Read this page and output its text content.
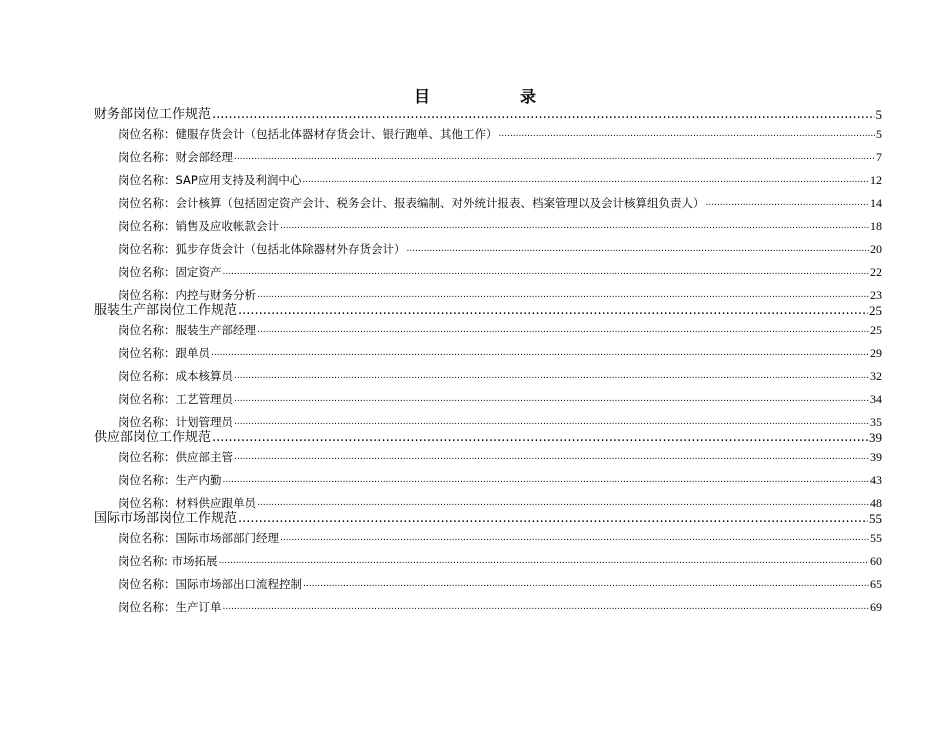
目	录
财务部岗位工作规范 .....	5
岗位名称：健服存货会计（包括北体器材存货会计、银行跑单、其他工作） .....	5
岗位名称：财会部经理 .....	7
岗位名称：SAP应用支持及利润中心 .....	12
岗位名称：会计核算（包括固定资产会计、税务会计、报表编制、对外统计报表、档案管理以及会计核算组负责人） .....	14
岗位名称：销售及应收帐款会计 .....	18
岗位名称：狐步存货会计（包括北体除器材外存货会计） .....	20
岗位名称：固定资产 .....	22
岗位名称：内控与财务分析 .....	23
服装生产部岗位工作规范 .....	25
岗位名称：服装生产部经理 .....	25
岗位名称：跟单员 .....	29
岗位名称：成本核算员 .....	32
岗位名称：工艺管理员 .....	34
岗位名称：计划管理员 .....	35
供应部岗位工作规范 .....	39
岗位名称：供应部主管 .....	39
岗位名称：生产内勤 .....	43
岗位名称：材料供应跟单员 .....	48
国际市场部岗位工作规范 .....	55
岗位名称：国际市场部部门经理 .....	55
岗位名称: 市场拓展 .....	60
岗位名称：国际市场部出口流程控制 .....	65
岗位名称：生产订单 .....	69
